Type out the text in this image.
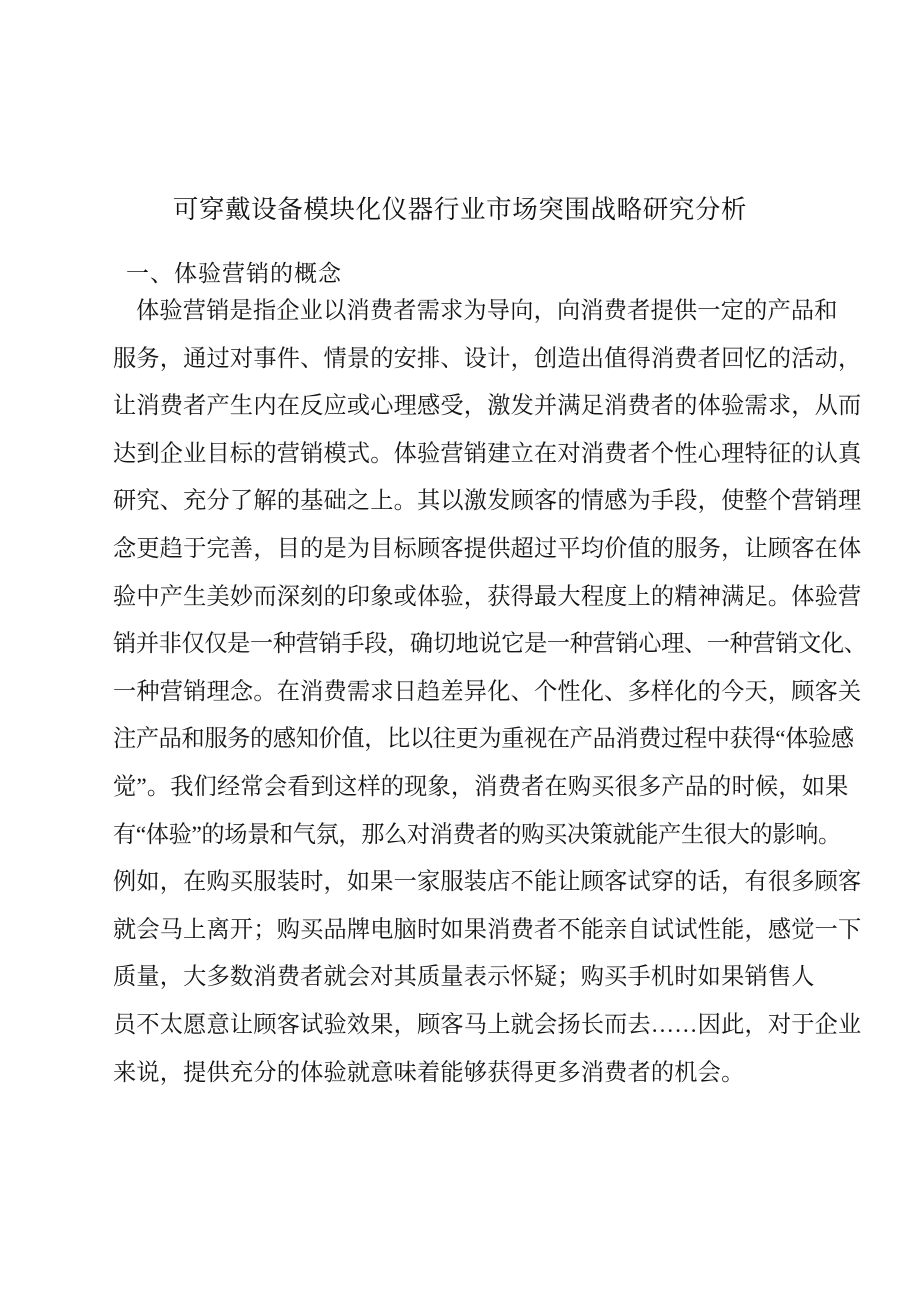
可穿戴设备模块化仪器行业市场突围战略研究分析
一、体验营销的概念
体验营销是指企业以消费者需求为导向，向消费者提供一定的产品和
服务，通过对事件、情景的安排、设计，创造出值得消费者回忆的活动，
让消费者产生内在反应或心理感受，激发并满足消费者的体验需求，从而
达到企业目标的营销模式。体验营销建立在对消费者个性心理特征的认真
研究、充分了解的基础之上。其以激发顾客的情感为手段，使整个营销理
念更趋于完善，目的是为目标顾客提供超过平均价值的服务，让顾客在体
验中产生美妙而深刻的印象或体验，获得最大程度上的精神满足。体验营
销并非仅仅是一种营销手段，确切地说它是一种营销心理、一种营销文化、
一种营销理念。在消费需求日趋差异化、个性化、多样化的今天，顾客关
注产品和服务的感知价值，比以往更为重视在产品消费过程中获得“体验感
觉”。我们经常会看到这样的现象，消费者在购买很多产品的时候，如果
有“体验”的场景和气氛，那么对消费者的购买决策就能产生很大的影响。
例如，在购买服装时，如果一家服装店不能让顾客试穿的话，有很多顾客
就会马上离开；购买品牌电脑时如果消费者不能亲自试试性能，感觉一下
质量，大多数消费者就会对其质量表示怀疑；购买手机时如果销售人
员不太愿意让顾客试验效果，顾客马上就会扬长而去……因此，对于企业
来说，提供充分的体验就意味着能够获得更多消费者的机会。
